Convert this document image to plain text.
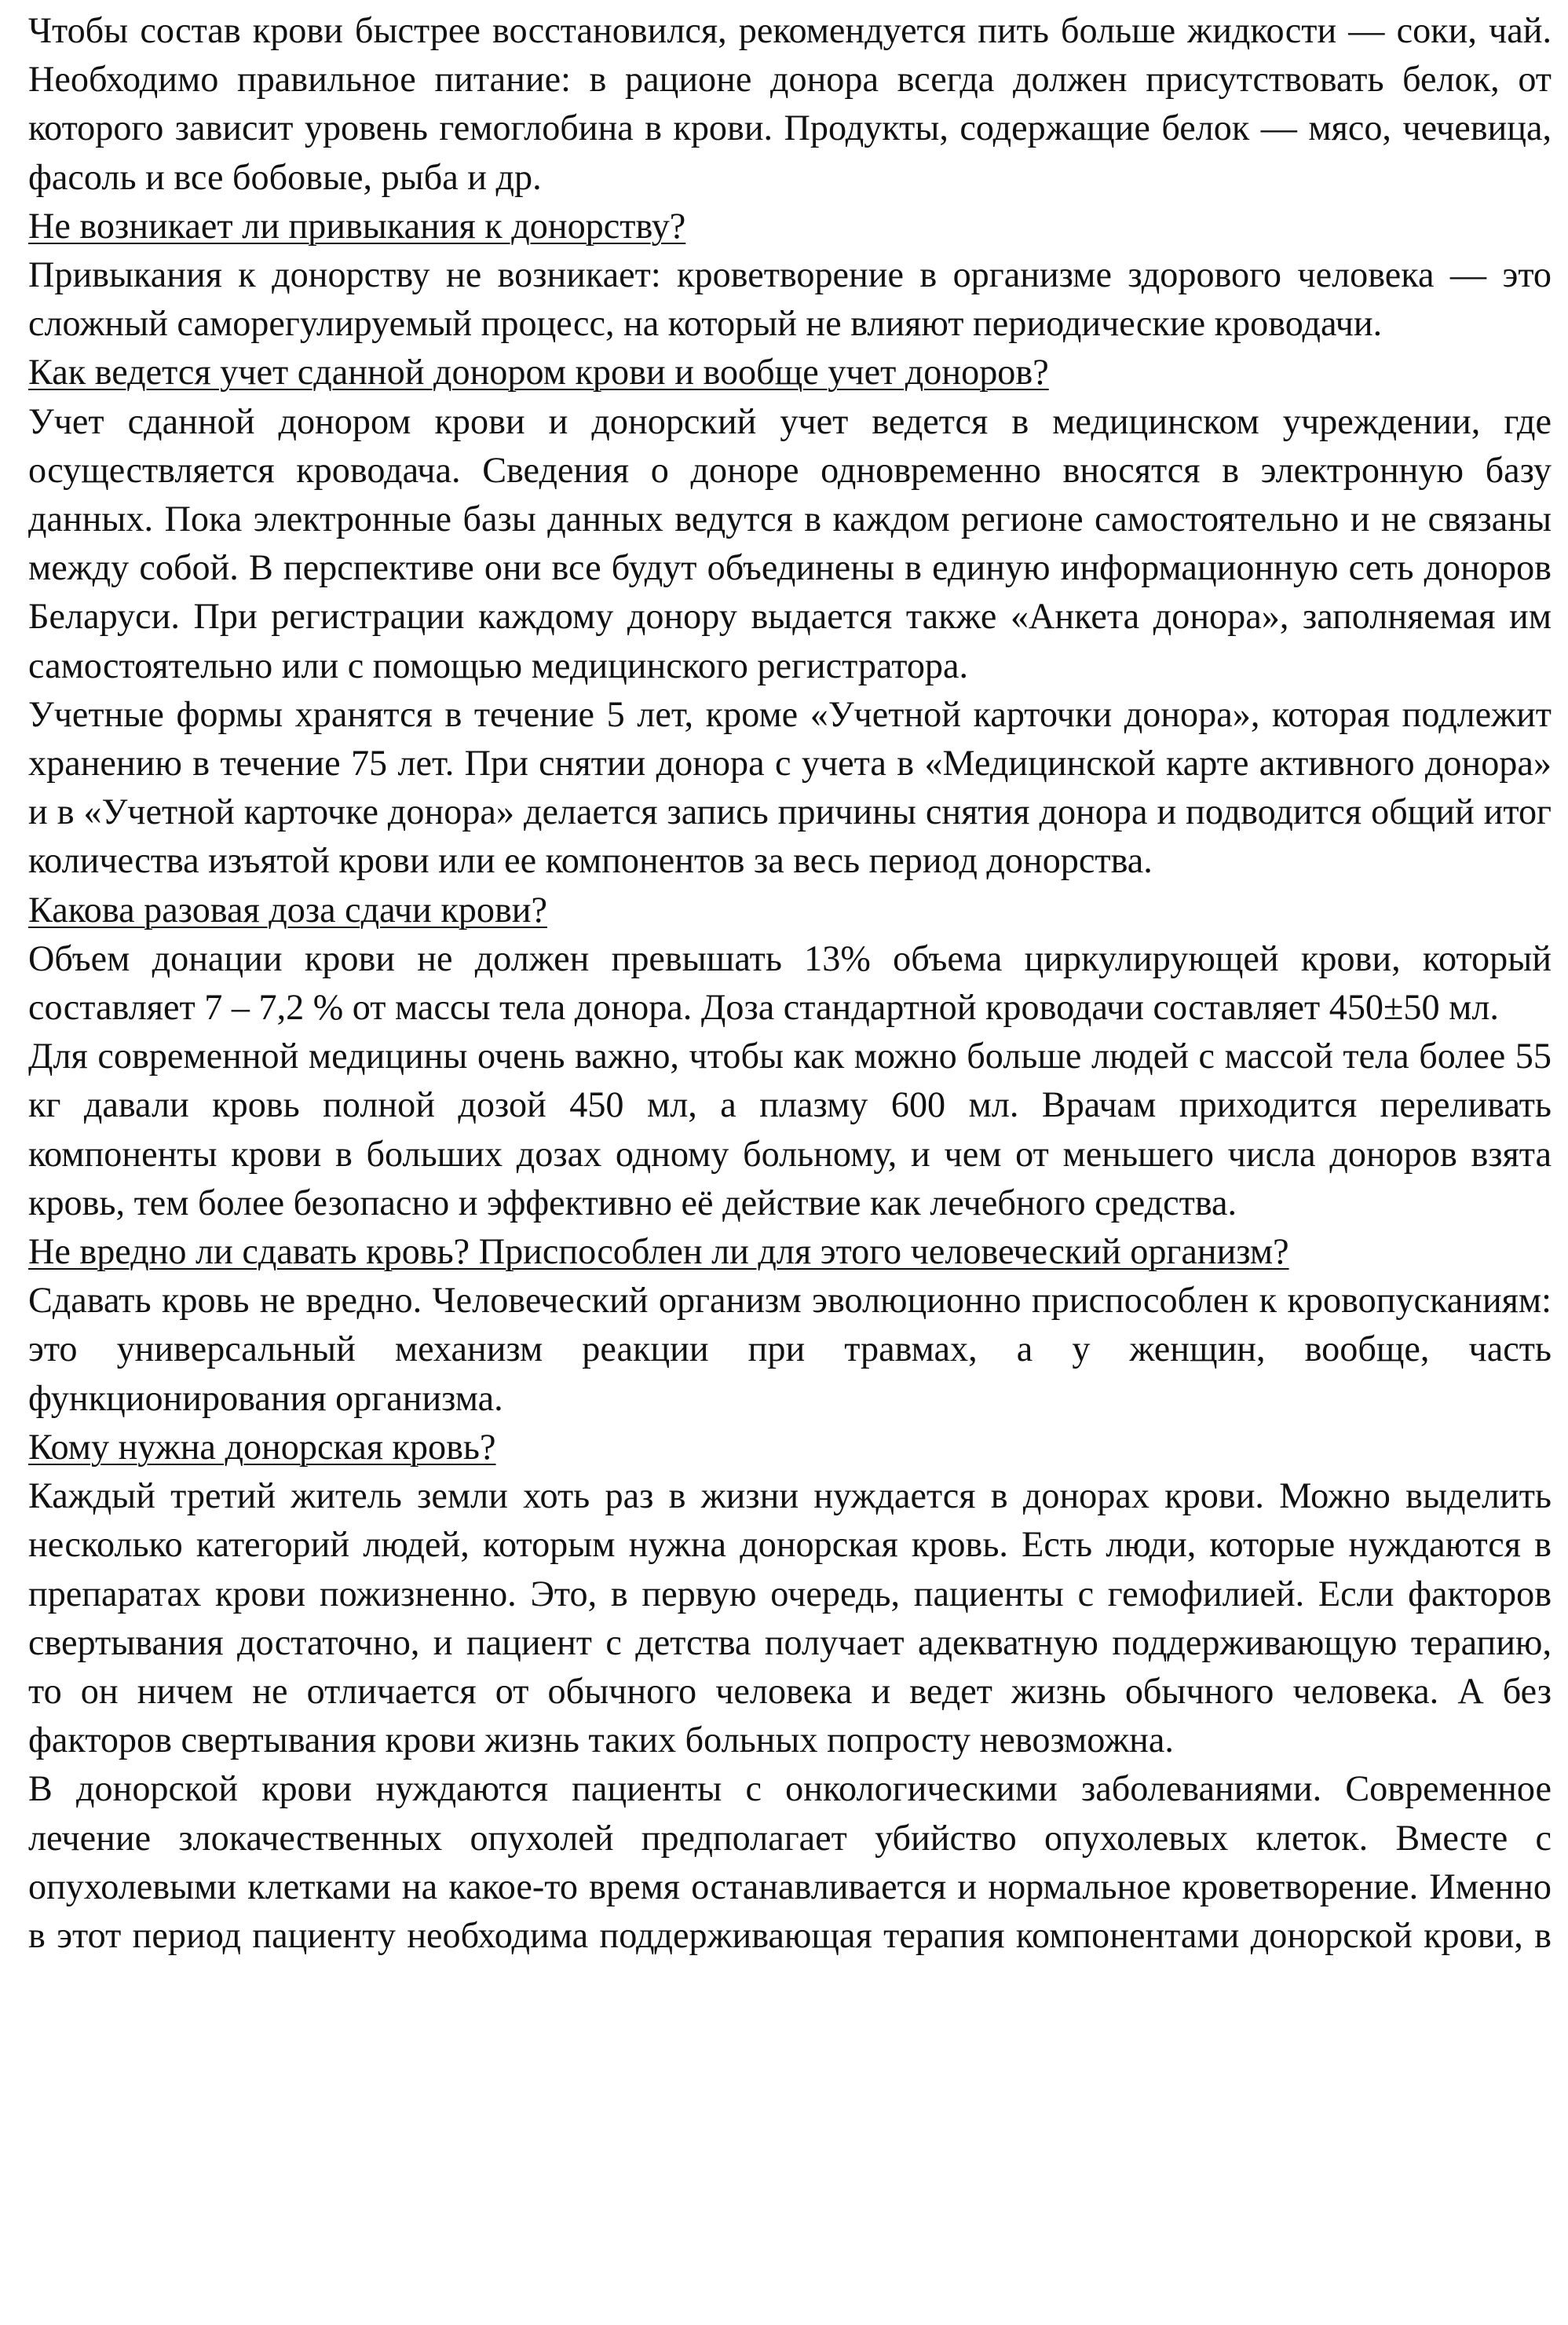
Чтобы состав крови быстрее восстановился, рекомендуется пить больше жидкости — соки, чай. Необходимо правильное питание: в рационе донора всегда должен присутствовать белок, от которого зависит уровень гемоглобина в крови. Продукты, содержащие белок — мясо, чечевица, фасоль и все бобовые, рыба и др.

Не возникает ли привыкания к донорству?

Привыкания к донорству не возникает: кроветворение в организме здорового человека — это сложный саморегулируемый процесс, на который не влияют периодические кроводачи.

Как ведется учет сданной донором крови и вообще учет доноров?

Учет сданной донором крови и донорский учет ведется в медицинском учреждении, где осуществляется кроводача. Сведения о доноре одновременно вносятся в электронную базу данных. Пока электронные базы данных ведутся в каждом регионе самостоятельно и не связаны между собой. В перспективе они все будут объединены в единую информационную сеть доноров Беларуси. При регистрации каждому донору выдается также «Анкета донора», заполняемая им самостоятельно или с помощью медицинского регистратора.

Учетные формы хранятся в течение 5 лет, кроме «Учетной карточки донора», которая подлежит хранению в течение 75 лет. При снятии донора с учета в «Медицинской карте активного донора» и в «Учетной карточке донора» делается запись причины снятия донора и подводится общий итог количества изъятой крови или ее компонентов за весь период донорства.

Какова разовая доза сдачи крови?

Объем донации крови не должен превышать 13% объема циркулирующей крови, который составляет 7 – 7,2 % от массы тела донора. Доза стандартной кроводачи составляет 450±50 мл.

Для современной медицины очень важно, чтобы как можно больше людей с массой тела более 55 кг давали кровь полной дозой 450 мл, а плазму 600 мл. Врачам приходится переливать компоненты крови в больших дозах одному больному, и чем от меньшего числа доноров взята кровь, тем более безопасно и эффективно её действие как лечебного средства.

Не вредно ли сдавать кровь? Приспособлен ли для этого человеческий организм?

Сдавать кровь не вредно. Человеческий организм эволюционно приспособлен к кровопусканиям: это универсальный механизм реакции при травмах, а у женщин, вообще, часть функционирования организма.

Кому нужна донорская кровь?

Каждый третий житель земли хоть раз в жизни нуждается в донорах крови. Можно выделить несколько категорий людей, которым нужна донорская кровь. Есть люди, которые нуждаются в препаратах крови пожизненно. Это, в первую очередь, пациенты с гемофилией. Если факторов свертывания достаточно, и пациент с детства получает адекватную поддерживающую терапию, то он ничем не отличается от обычного человека и ведет жизнь обычного человека. А без факторов свертывания крови жизнь таких больных попросту невозможна.

В донорской крови нуждаются пациенты с онкологическими заболеваниями. Современное лечение злокачественных опухолей предполагает убийство опухолевых клеток. Вместе с опухолевыми клетками на какое-то время останавливается и нормальное кроветворение. Именно в этот период пациенту необходима поддерживающая терапия компонентами донорской крови, в
